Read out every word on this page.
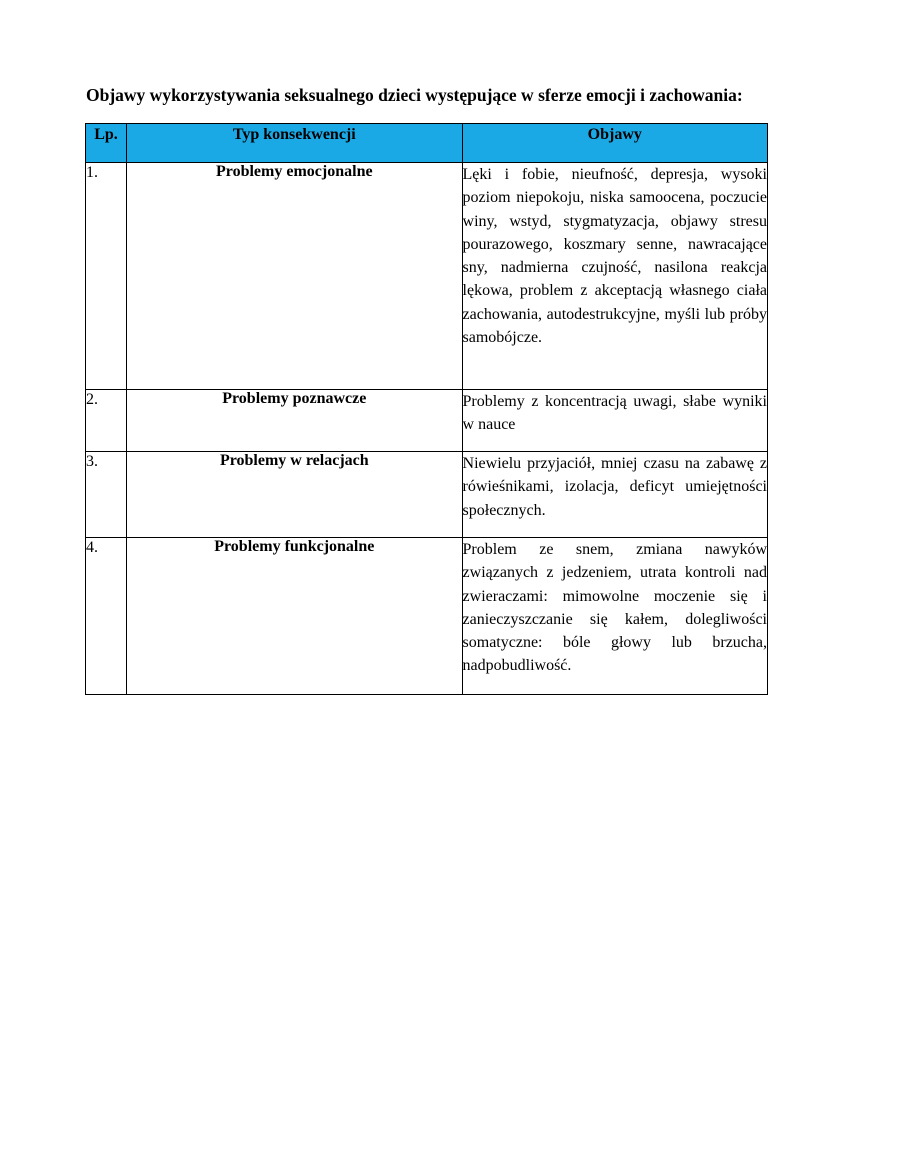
Objawy wykorzystywania seksualnego dzieci występujące w sferze emocji i zachowania:
Lp.	Typ konsekwencji	Objawy
1.	Problemy emocjonalne	Lęki i fobie, nieufność, depresja, wysoki poziom niepokoju, niska samoocena, poczucie winy, wstyd, stygmatyzacja, objawy stresu pourazowego, koszmary senne, nawracające sny, nadmierna czujność, nasilona reakcja lękowa, problem z akceptacją własnego ciała zachowania, autodestrukcyjne, myśli lub próby samobójcze.
2.	Problemy poznawcze	Problemy z koncentracją uwagi, słabe wyniki w nauce
3.	Problemy w relacjach	Niewielu przyjaciół, mniej czasu na zabawę z rówieśnikami, izolacja, deficyt umiejętności społecznych.
4.	Problemy funkcjonalne	Problem ze snem, zmiana nawyków związanych z jedzeniem, utrata kontroli nad zwieraczami: mimowolne moczenie się i zanieczyszczanie się kałem, dolegliwości somatyczne: bóle głowy lub brzucha, nadpobudliwość.
